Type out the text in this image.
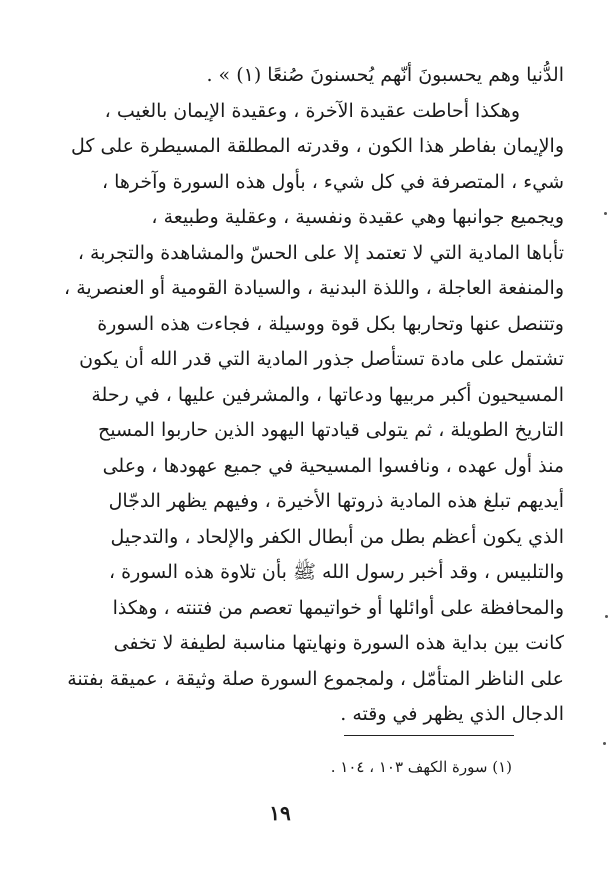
الدُّنيا وهم يحسبونَ أنّهم يُحسنونَ صُنعًا (١) » .
وهكذا أحاطت عقيدة الآخرة ، وعقيدة الإيمان بالغيب ،
والإيمان بفاطر هذا الكون ، وقدرته المطلقة المسيطرة على كل
شيء ، المتصرفة في كل شيء ، بأول هذه السورة وآخرها ،
ويجميع جوانبها وهي عقيدة ونفسية ، وعقلية وطبيعة ،
تأباها المادية التي لا تعتمد إلا على الحسّ والمشاهدة والتجربة ،
والمنفعة العاجلة ، واللذة البدنية ، والسيادة القومية أو العنصرية ،
وتتنصل عنها وتحاربها بكل قوة ووسيلة ، فجاءت هذه السورة
تشتمل على مادة تستأصل جذور المادية التي قدر الله أن يكون
المسيحيون أكبر مربيها ودعاتها ، والمشرفين عليها ، في رحلة
التاريخ الطويلة ، ثم يتولى قيادتها اليهود الذين حاربوا المسيح
منذ أول عهده ، ونافسوا المسيحية في جميع عهودها ، وعلى
أيديهم تبلغ هذه المادية ذروتها الأخيرة ، وفيهم يظهر الدجّال
الذي يكون أعظم بطل من أبطال الكفر والإلحاد ، والتدجيل
والتلبيس ، وقد أخبر رسول الله ﷺ بأن تلاوة هذه السورة ،
والمحافظة على أوائلها أو خواتيمها تعصم من فتنته ، وهكذا
كانت بين بداية هذه السورة ونهايتها مناسبة لطيفة لا تخفى
على الناظر المتأمّل ، ولمجموع السورة صلة وثيقة ، عميقة بفتنة
الدجال الذي يظهر في وقته .
(١) سورة الكهف ١٠٣ ، ١٠٤ .
١٩
